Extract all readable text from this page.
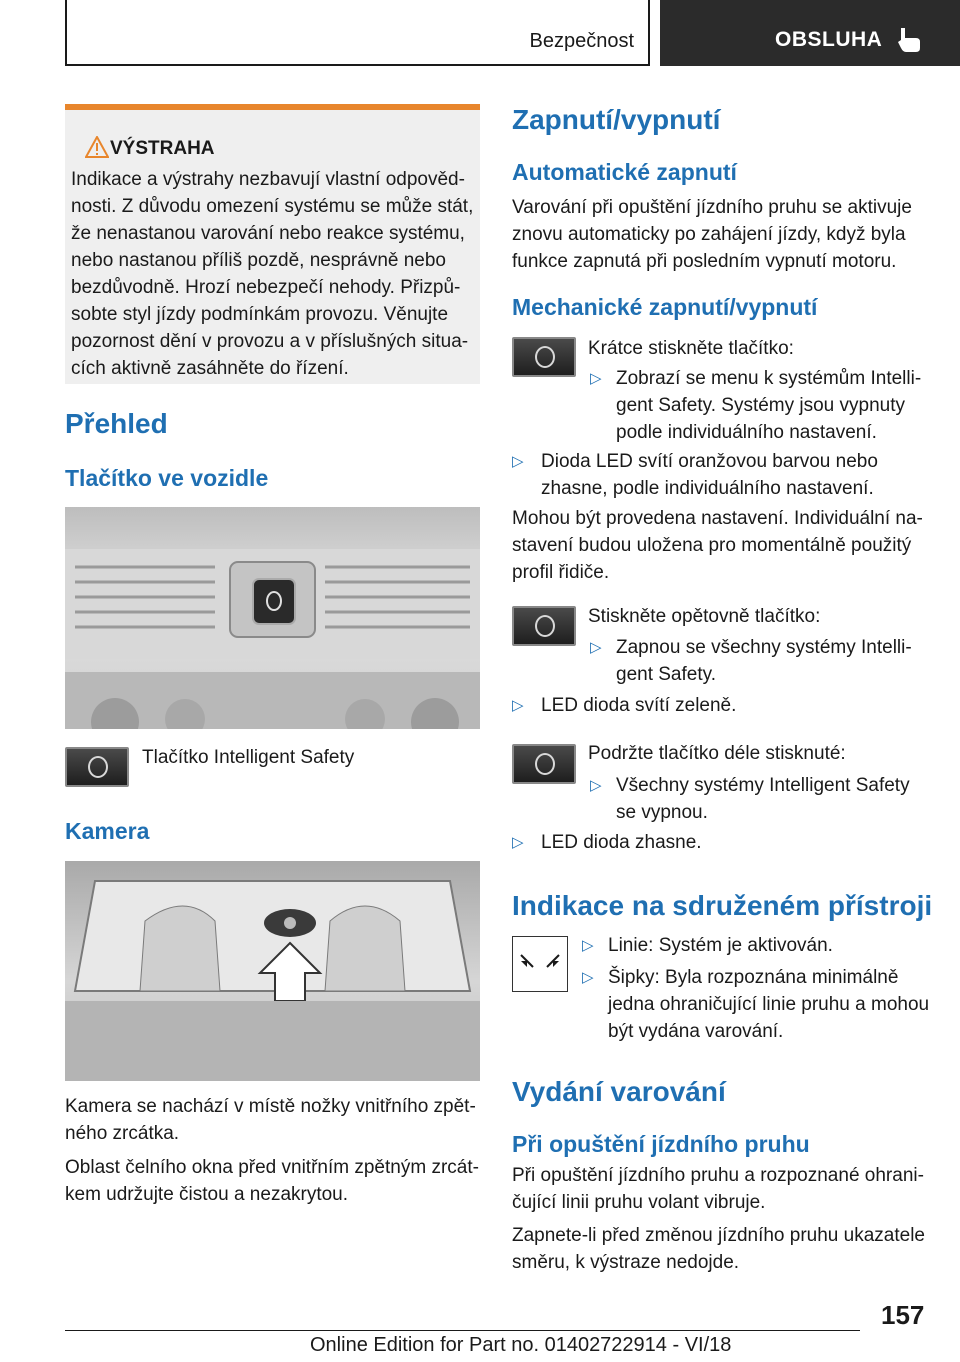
Bezpečnost	OBSLUHA
VÝSTRAHA
Indikace a výstrahy nezbavují vlastní odpověd-
nosti. Z důvodu omezení systému se může stát,
že nenastanou varování nebo reakce systému,
nebo nastanou příliš pozdě, nesprávně nebo
bezdůvodně. Hrozí nebezpečí nehody. Přizpů-
sobte styl jízdy podmínkám provozu. Věnujte
pozornost dění v provozu a v příslušných situa-
cích aktivně zasáhněte do řízení.
Přehled
Tlačítko ve vozidle

Tlačítko Intelligent Safety

Kamera
Kamera se nachází v místě nožky vnitřního zpět-
ného zrcátka.
Oblast čelního okna před vnitřním zpětným zrcát-
kem udržujte čistou a nezakrytou.
Zapnutí/vypnutí
Automatické zapnutí
Varování při opuštění jízdního pruhu se aktivuje
znovu automaticky po zahájení jízdy, když byla
funkce zapnutá při posledním vypnutí motoru.
Mechanické zapnutí/vypnutí

Krátce stiskněte tlačítko:

▷ Zobrazí se menu k systémům Intelli-
gent Safety. Systémy jsou vypnuty
podle individuálního nastavení.
▷ Dioda LED svítí oranžovou barvou nebo
zhasne, podle individuálního nastavení.
Mohou být provedena nastavení. Individuální na-
stavení budou uložena pro momentálně použitý
profil řidiče.

Stiskněte opětovně tlačítko:

▷ Zapnou se všechny systémy Intelli-
gent Safety.
▷ LED dioda svítí zeleně.

Podržte tlačítko déle stisknuté:

▷ Všechny systémy Intelligent Safety
se vypnou.
▷ LED dioda zhasne.
Indikace na sdruženém přístroji
▷ Linie: Systém je aktivován.
▷ Šipky: Byla rozpoznána minimálně
jedna ohraničující linie pruhu a mohou
být vydána varování.
Vydání varování
Při opuštění jízdního pruhu
Při opuštění jízdního pruhu a rozpoznané ohrani-
čující linii pruhu volant vibruje.
Zapnete-li před změnou jízdního pruhu ukazatele
směru, k výstraze nedojde.
157
Online Edition for Part no. 01402722914 - VI/18
